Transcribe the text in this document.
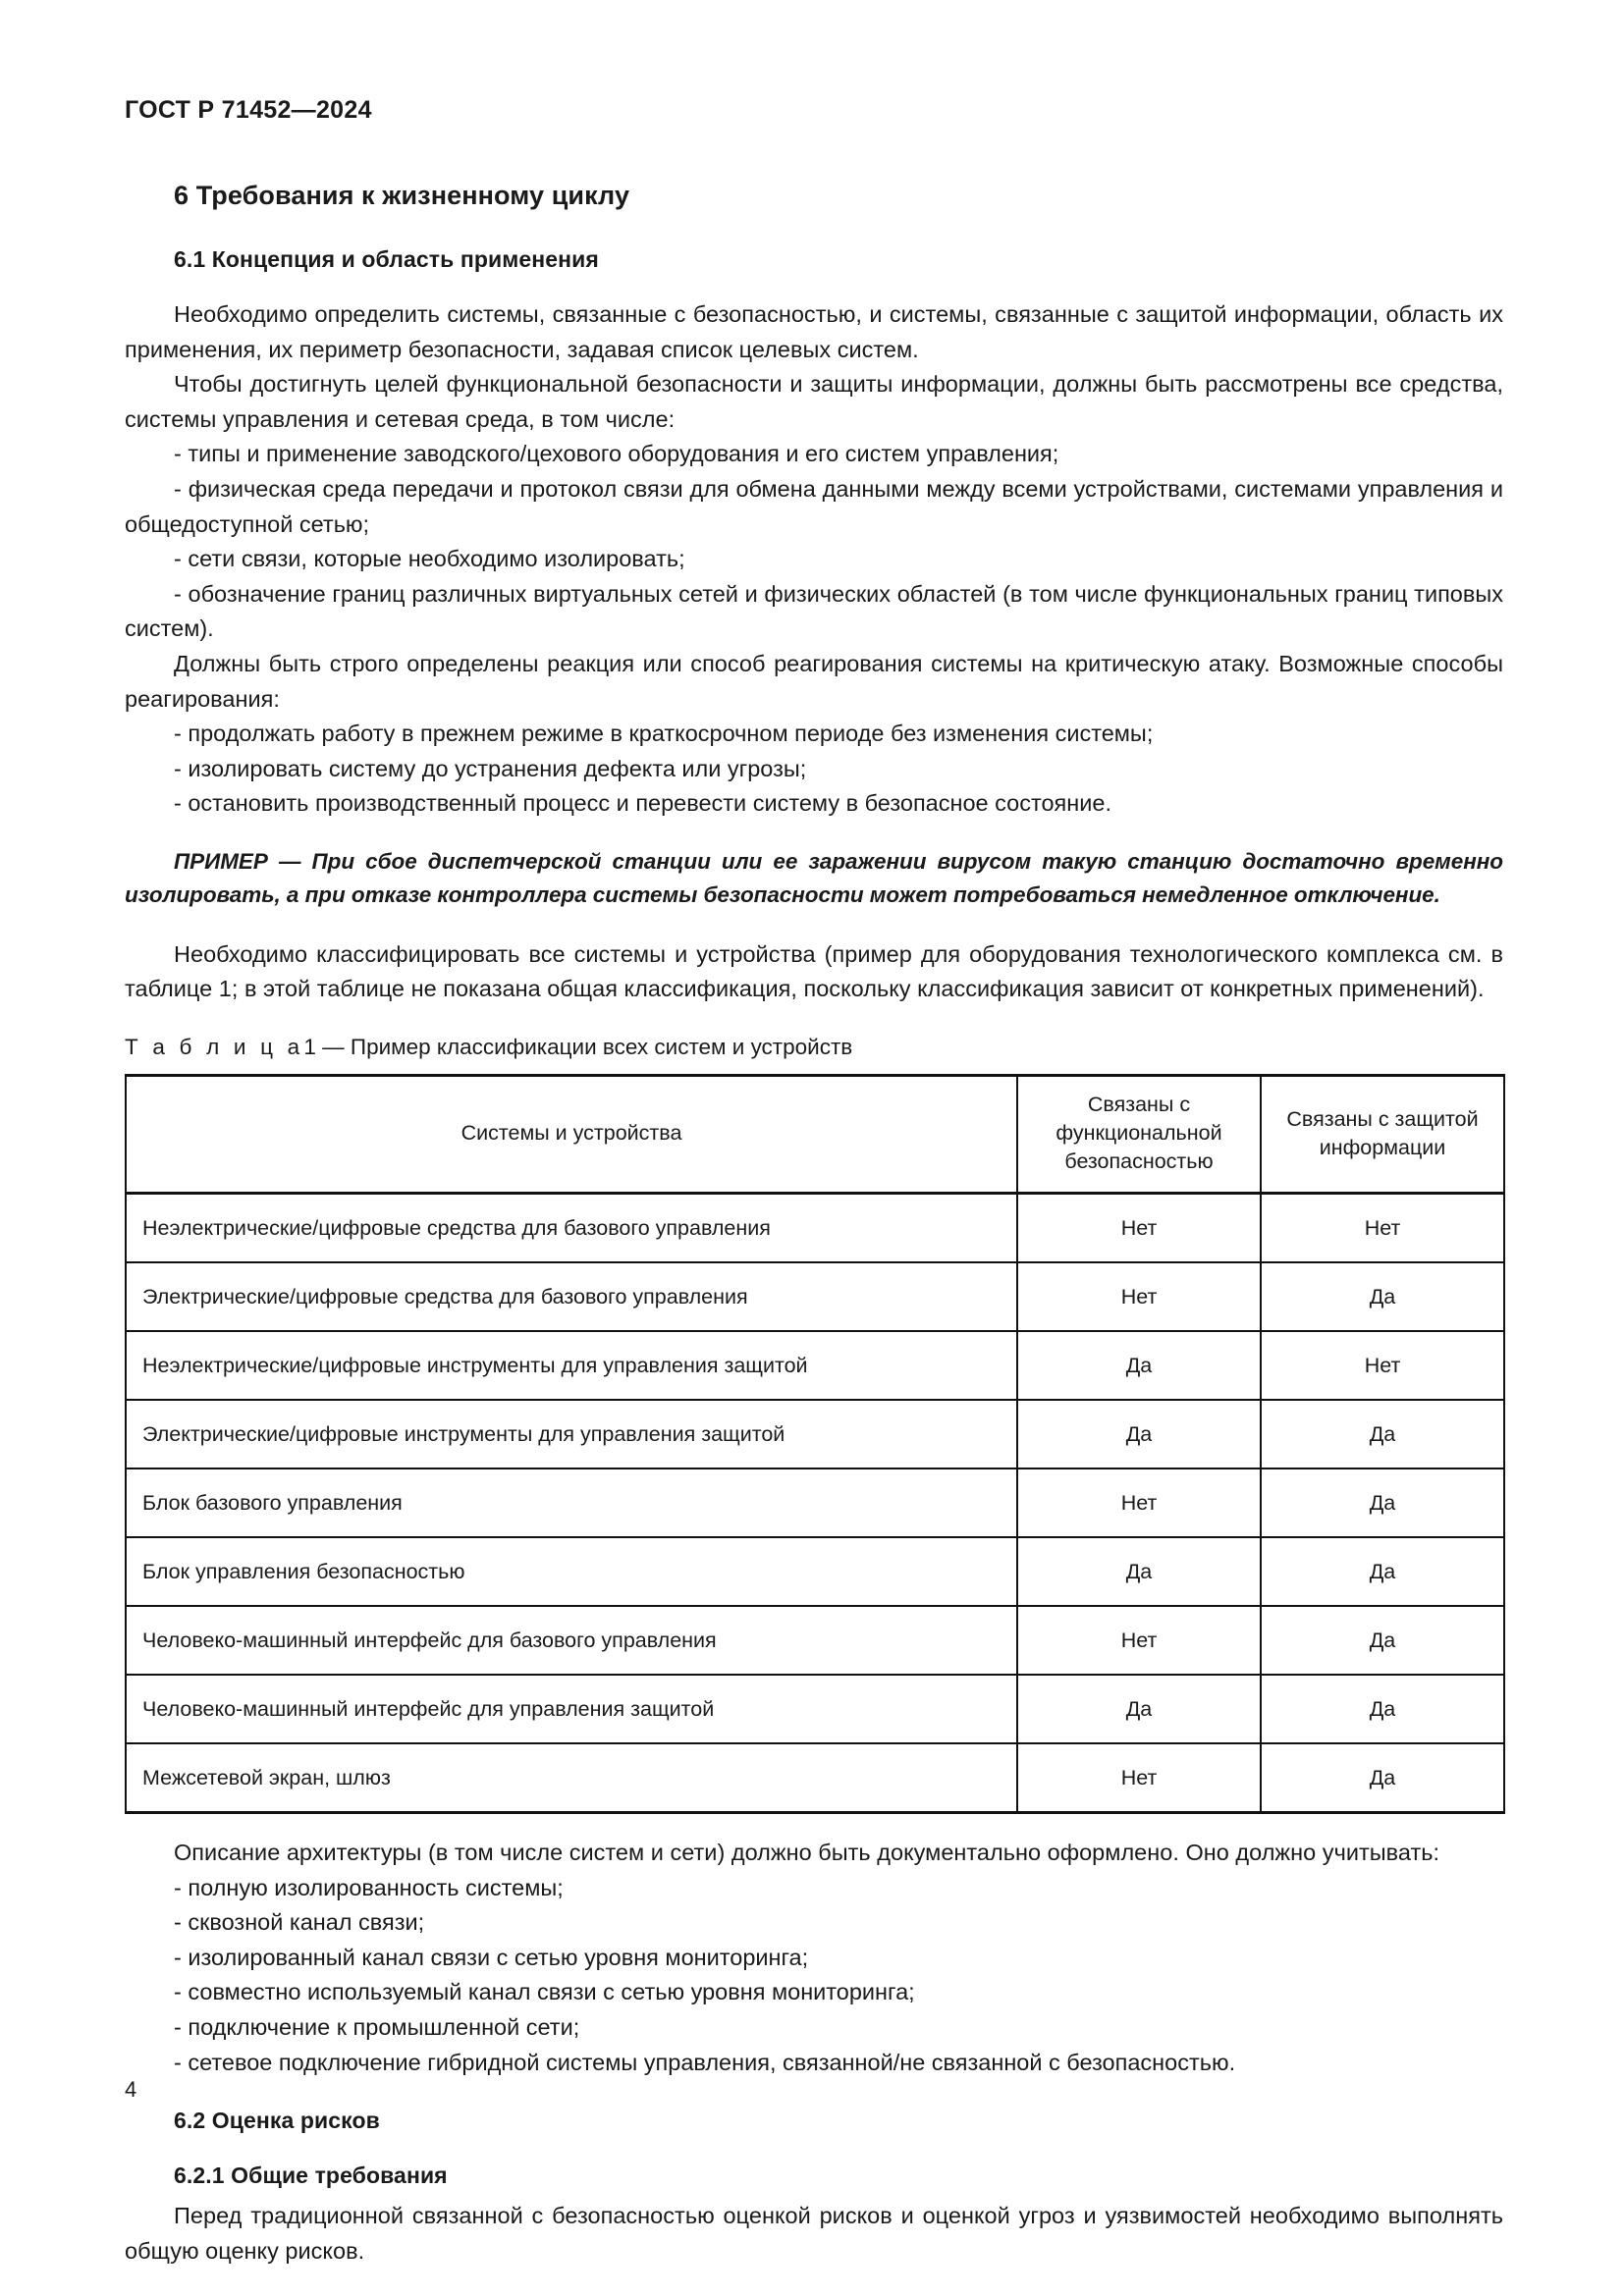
ГОСТ Р 71452—2024
6 Требования к жизненному циклу
6.1 Концепция и область применения

Необходимо определить системы, связанные с безопасностью, и системы, связанные с защитой информации, область их применения, их периметр безопасности, задавая список целевых систем.

Чтобы достигнуть целей функциональной безопасности и защиты информации, должны быть рассмотрены все средства, системы управления и сетевая среда, в том числе:

- типы и применение заводского/цехового оборудования и его систем управления;
- физическая среда передачи и протокол связи для обмена данными между всеми устройствами, системами управления и общедоступной сетью;
- сети связи, которые необходимо изолировать;
- обозначение границ различных виртуальных сетей и физических областей (в том числе функциональных границ типовых систем).

Должны быть строго определены реакция или способ реагирования системы на критическую атаку. Возможные способы реагирования:

- продолжать работу в прежнем режиме в краткосрочном периоде без изменения системы;
- изолировать систему до устранения дефекта или угрозы;
- остановить производственный процесс и перевести систему в безопасное состояние.

ПРИМЕР — При сбое диспетчерской станции или ее заражении вирусом такую станцию достаточно временно изолировать, а при отказе контроллера системы безопасности может потребоваться немедленное отключение.

Необходимо классифицировать все системы и устройства (пример для оборудования технологического комплекса см. в таблице 1; в этой таблице не показана общая классификация, поскольку классификация зависит от конкретных применений).

Т а б л и ц а1 — Пример классификации всех систем и устройств
Системы и устройства	Связаны с функциональной безопасностью	Связаны с защитой информации
Неэлектрические/цифровые средства для базового управления	Нет	Нет
Электрические/цифровые средства для базового управления	Нет	Да
Неэлектрические/цифровые инструменты для управления защитой	Да	Нет
Электрические/цифровые инструменты для управления защитой	Да	Да
Блок базового управления	Нет	Да
Блок управления безопасностью	Да	Да
Человеко-машинный интерфейс для базового управления	Нет	Да
Человеко-машинный интерфейс для управления защитой	Да	Да
Межсетевой экран, шлюз	Нет	Да

Описание архитектуры (в том числе систем и сети) должно быть документально оформлено. Оно должно учитывать:

- полную изолированность системы;
- сквозной канал связи;
- изолированный канал связи с сетью уровня мониторинга;
- совместно используемый канал связи с сетью уровня мониторинга;
- подключение к промышленной сети;
- сетевое подключение гибридной системы управления, связанной/не связанной с безопасностью.
6.2 Оценка рисков
6.2.1 Общие требования

Перед традиционной связанной с безопасностью оценкой рисков и оценкой угроз и уязвимостей необходимо выполнять общую оценку рисков.

4
